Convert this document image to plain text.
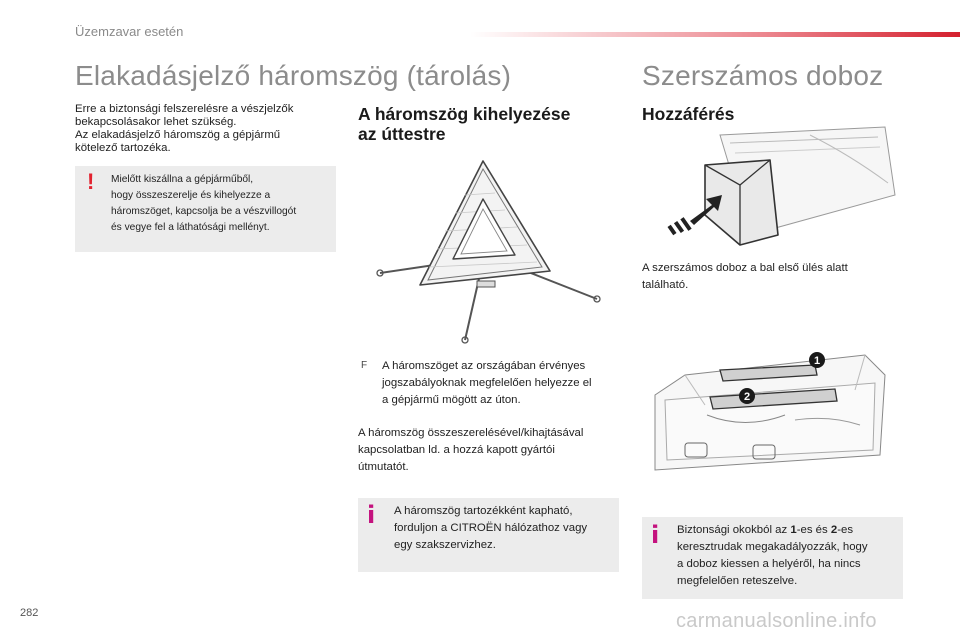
Üzemzavar esetén
Elakadásjelző háromszög (tárolás)
Erre a biztonsági felszerelésre a vészjelzők
bekapcsolásakor lehet szükség.
Az elakadásjelző háromszög a gépjármű
kötelező tartozéka.
! Mielőtt kiszállna a gépjárműből,
hogy összeszerelje és kihelyezze a
háromszöget, kapcsolja be a vészvillogót
és vegye fel a láthatósági mellényt.
A háromszög kihelyezése
az úttestre
F A háromszöget az országában érvényes
jogszabályoknak megfelelően helyezze el
a gépjármű mögött az úton.
A háromszög összeszerelésével/kihajtásával
kapcsolatban ld. a hozzá kapott gyártói
útmutatót.
i A háromszög tartozékként kapható,
forduljon a CITROËN hálózathoz vagy
egy szakszervizhez.
Szerszámos doboz
Hozzáférés
A szerszámos doboz a bal első ülés alatt
található.
1
2
i Biztonsági okokból az 1-es és 2-es
keresztrudak megakadályozzák, hogy
a doboz kiessen a helyéről, ha nincs
megfelelően reteszelve.
282	carmanualsonline.info
